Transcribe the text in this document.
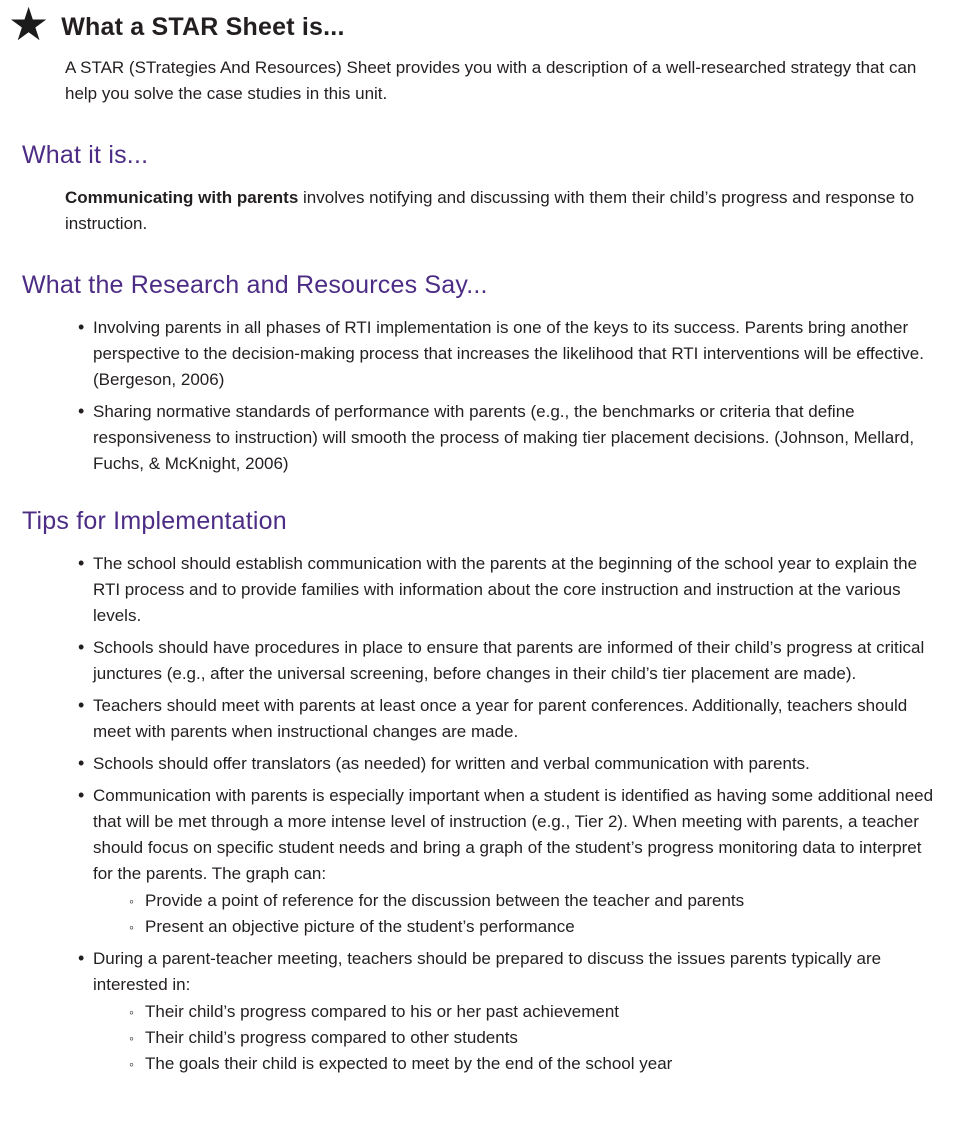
★ What a STAR Sheet is...

A STAR (STrategies And Resources) Sheet provides you with a description of a well-researched strategy that can help you solve the case studies in this unit.

What it is...

Communicating with parents involves notifying and discussing with them their child’s progress and response to instruction.

What the Research and Resources Say...
• Involving parents in all phases of RTI implementation is one of the keys to its success. Parents bring another perspective to the decision-making process that increases the likelihood that RTI interventions will be effective. (Bergeson, 2006)
• Sharing normative standards of performance with parents (e.g., the benchmarks or criteria that define responsiveness to instruction) will smooth the process of making tier placement decisions. (Johnson, Mellard, Fuchs, & McKnight, 2006)
Tips for Implementation
• The school should establish communication with the parents at the beginning of the school year to explain the RTI process and to provide families with information about the core instruction and instruction at the various levels.
• Schools should have procedures in place to ensure that parents are informed of their child’s progress at critical junctures (e.g., after the universal screening, before changes in their child’s tier placement are made).
• Teachers should meet with parents at least once a year for parent conferences. Additionally, teachers should meet with parents when instructional changes are made.
• Schools should offer translators (as needed) for written and verbal communication with parents.
• Communication with parents is especially important when a student is identified as having some additional need that will be met through a more intense level of instruction (e.g., Tier 2). When meeting with parents, a teacher should focus on specific student needs and bring a graph of the student’s progress monitoring data to interpret for the parents. The graph can:
◦ Provide a point of reference for the discussion between the teacher and parents
◦ Present an objective picture of the student’s performance
• During a parent-teacher meeting, teachers should be prepared to discuss the issues parents typically are interested in:
◦ Their child’s progress compared to his or her past achievement
◦ Their child’s progress compared to other students
◦ The goals their child is expected to meet by the end of the school year
